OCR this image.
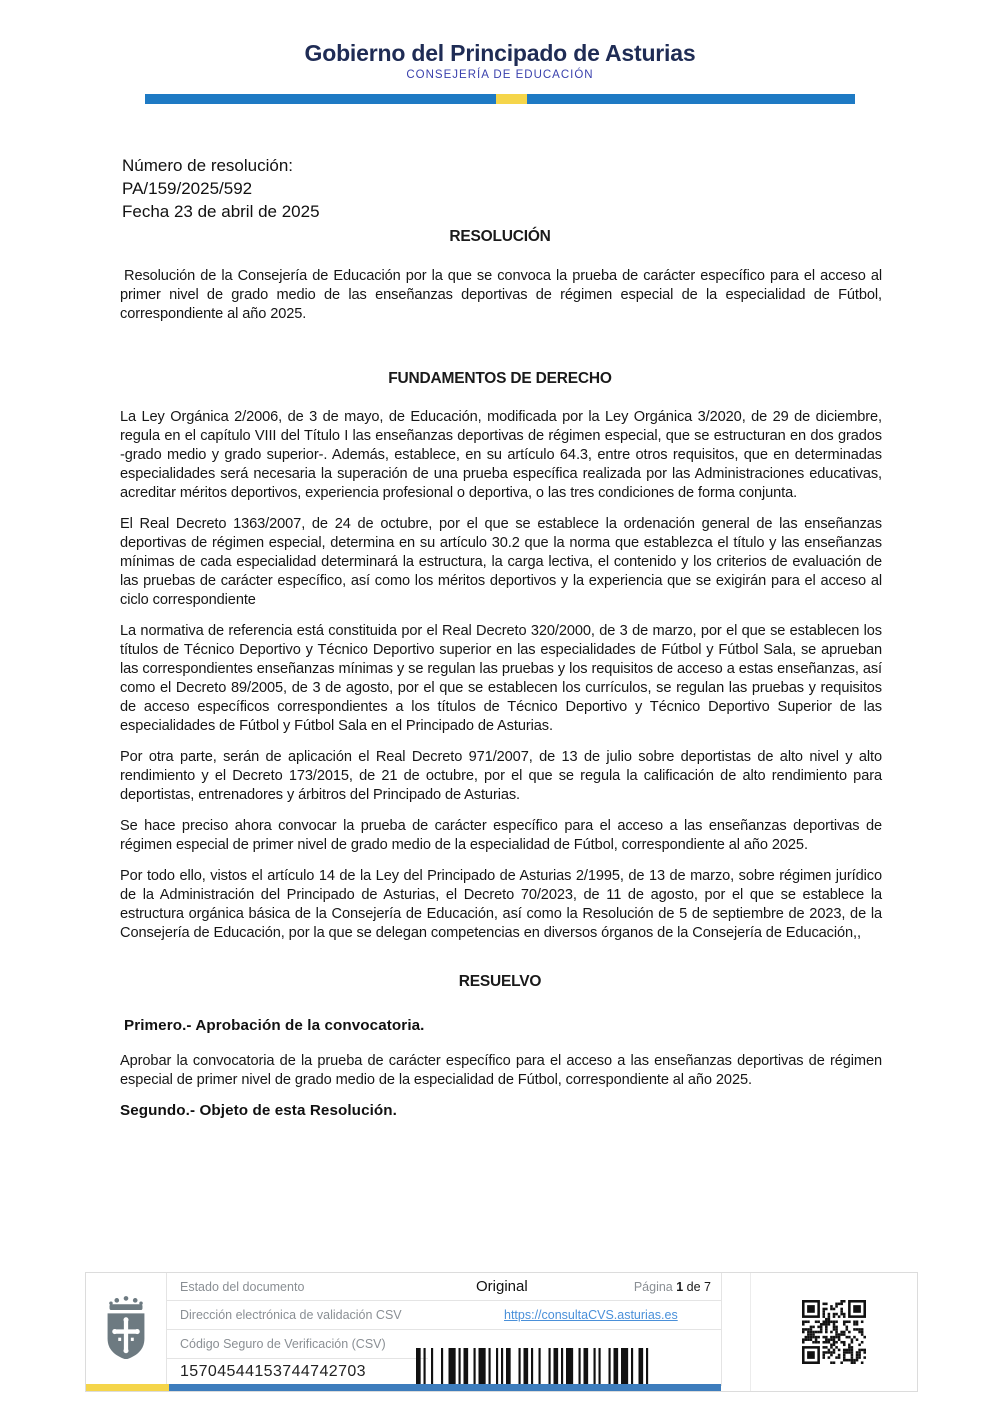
Gobierno del Principado de Asturias
CONSEJERÍA DE EDUCACIÓN
Número de resolución:
PA/159/2025/592
Fecha 23 de abril de 2025
RESOLUCIÓN

Resolución de la Consejería de Educación por la que se convoca la prueba de carácter específico para el acceso al primer nivel de grado medio de las enseñanzas deportivas de régimen especial de la especialidad de Fútbol, correspondiente al año 2025.

FUNDAMENTOS DE DERECHO

La Ley Orgánica 2/2006, de 3 de mayo, de Educación, modificada por la Ley Orgánica 3/2020, de 29 de diciembre, regula en el capítulo VIII del Título I las enseñanzas deportivas de régimen especial, que se estructuran en dos grados -grado medio y grado superior-. Además, establece, en su artículo 64.3, entre otros requisitos, que en determinadas especialidades será necesaria la superación de una prueba específica realizada por las Administraciones educativas, acreditar méritos deportivos, experiencia profesional o deportiva, o las tres condiciones de forma conjunta.

El Real Decreto 1363/2007, de 24 de octubre, por el que se establece la ordenación general de las enseñanzas deportivas de régimen especial, determina en su artículo 30.2 que la norma que establezca el título y las enseñanzas mínimas de cada especialidad determinará la estructura, la carga lectiva, el contenido y los criterios de evaluación de las pruebas de carácter específico, así como los méritos deportivos y la experiencia que se exigirán para el acceso al ciclo correspondiente

La normativa de referencia está constituida por el Real Decreto 320/2000, de 3 de marzo, por el que se establecen los títulos de Técnico Deportivo y Técnico Deportivo superior en las especialidades de Fútbol y Fútbol Sala, se aprueban las correspondientes enseñanzas mínimas y se regulan las pruebas y los requisitos de acceso a estas enseñanzas, así como el Decreto 89/2005, de 3 de agosto, por el que se establecen los currículos, se regulan las pruebas y requisitos de acceso específicos correspondientes a los títulos de Técnico Deportivo y Técnico Deportivo Superior de las especialidades de Fútbol y Fútbol Sala en el Principado de Asturias.

Por otra parte, serán de aplicación el Real Decreto 971/2007, de 13 de julio sobre deportistas de alto nivel y alto rendimiento y el Decreto 173/2015, de 21 de octubre, por el que se regula la calificación de alto rendimiento para deportistas, entrenadores y árbitros del Principado de Asturias.

Se hace preciso ahora convocar la prueba de carácter específico para el acceso a las enseñanzas deportivas de régimen especial de primer nivel de grado medio de la especialidad de Fútbol, correspondiente al año 2025.

Por todo ello, vistos el artículo 14 de la Ley del Principado de Asturias 2/1995, de 13 de marzo, sobre régimen jurídico de la Administración del Principado de Asturias, el Decreto 70/2023, de 11 de agosto, por el que se establece la estructura orgánica básica de la Consejería de Educación, así como la Resolución de 5 de septiembre de 2023, de la Consejería de Educación, por la que se delegan competencias en diversos órganos de la Consejería de Educación,,

RESUELVO
Primero.- Aprobación de la convocatoria.

Aprobar la convocatoria de la prueba de carácter específico para el acceso a las enseñanzas deportivas de régimen especial de primer nivel de grado medio de la especialidad de Fútbol, correspondiente al año 2025.

Segundo.- Objeto de esta Resolución.
Estado del documento	Original	Página 1 de 7
Dirección electrónica de validación CSV	https://consultaCVS.asturias.es
Código Seguro de Verificación (CSV)
15704544153744742703
